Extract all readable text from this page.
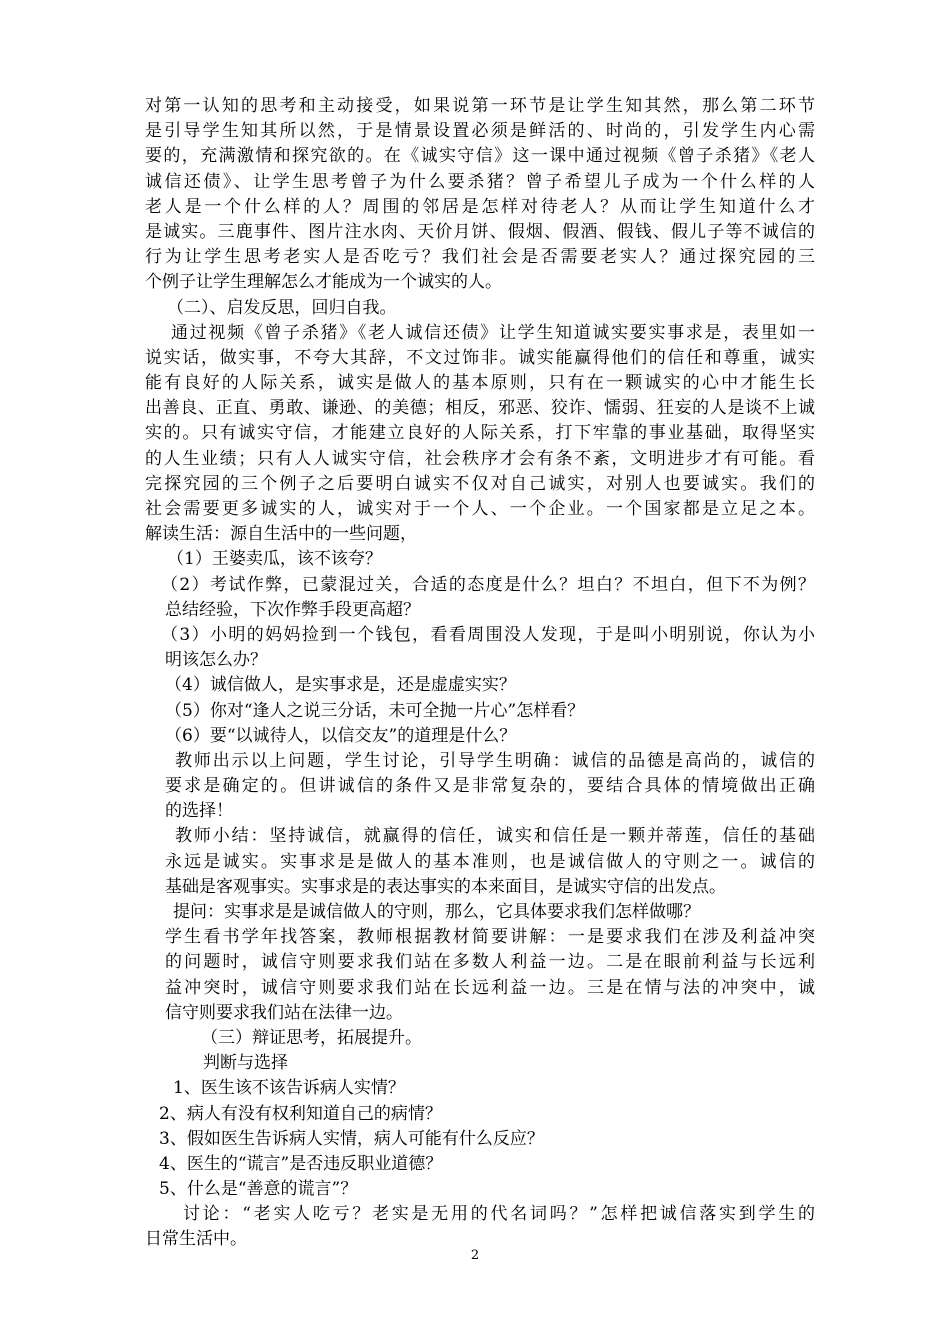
对第一认知的思考和主动接受，如果说第一环节是让学生知其然，那么第二环节
是引导学生知其所以然，于是情景设置必须是鲜活的、时尚的，引发学生内心需
要的，充满激情和探究欲的。在《诚实守信》这一课中通过视频《曾子杀猪》《老人
诚信还债》、让学生思考曾子为什么要杀猪？曾子希望儿子成为一个什么样的人
老人是一个什么样的人？周围的邻居是怎样对待老人？从而让学生知道什么才
是诚实。三鹿事件、图片注水肉、天价月饼、假烟、假酒、假钱、假儿子等不诚信的
行为让学生思考老实人是否吃亏？我们社会是否需要老实人？通过探究园的三
个例子让学生理解怎么才能成为一个诚实的人。
（二）、启发反思，回归自我。
通过视频《曾子杀猪》《老人诚信还债》让学生知道诚实要实事求是，表里如一
说实话，做实事，不夸大其辞，不文过饰非。诚实能赢得他们的信任和尊重，诚实
能有良好的人际关系，诚实是做人的基本原则，只有在一颗诚实的心中才能生长
出善良、正直、勇敢、谦逊、的美德；相反，邪恶、狡诈、懦弱、狂妄的人是谈不上诚
实的。只有诚实守信，才能建立良好的人际关系，打下牢靠的事业基础，取得坚实
的人生业绩；只有人人诚实守信，社会秩序才会有条不紊，文明进步才有可能。看
完探究园的三个例子之后要明白诚实不仅对自己诚实，对别人也要诚实。我们的
社会需要更多诚实的人，诚实对于一个人、一个企业。一个国家都是立足之本。
解读生活：源自生活中的一些问题，
（1）王婆卖瓜，该不该夸？
（2）考试作弊，已蒙混过关，合适的态度是什么？坦白？不坦白，但下不为例？
总结经验，下次作弊手段更高超？
（3）小明的妈妈捡到一个钱包，看看周围没人发现，于是叫小明别说，你认为小
明该怎么办？
（4）诚信做人，是实事求是，还是虚虚实实？
（5）你对“逢人之说三分话，未可全抛一片心”怎样看？
（6）要“以诚待人，以信交友”的道理是什么？
教师出示以上问题，学生讨论，引导学生明确：诚信的品德是高尚的，诚信的
要求是确定的。但讲诚信的条件又是非常复杂的，要结合具体的情境做出正确
的选择！
教师小结：坚持诚信，就赢得的信任，诚实和信任是一颗并蒂莲，信任的基础
永远是诚实。实事求是是做人的基本准则，也是诚信做人的守则之一。诚信的
基础是客观事实。实事求是的表达事实的本来面目，是诚实守信的出发点。
提问：实事求是是诚信做人的守则，那么，它具体要求我们怎样做哪？
学生看书学年找答案，教师根据教材简要讲解：一是要求我们在涉及利益冲突
的问题时，诚信守则要求我们站在多数人利益一边。二是在眼前利益与长远利
益冲突时，诚信守则要求我们站在长远利益一边。三是在情与法的冲突中，诚
信守则要求我们站在法律一边。
（三）辩证思考，拓展提升。
判断与选择
1、医生该不该告诉病人实情？
2、病人有没有权利知道自己的病情？
3、假如医生告诉病人实情，病人可能有什么反应？
4、医生的“谎言”是否违反职业道德？
5、什么是“善意的谎言”？
讨论：“老实人吃亏？老实是无用的代名词吗？”怎样把诚信落实到学生的
日常生活中。
2
